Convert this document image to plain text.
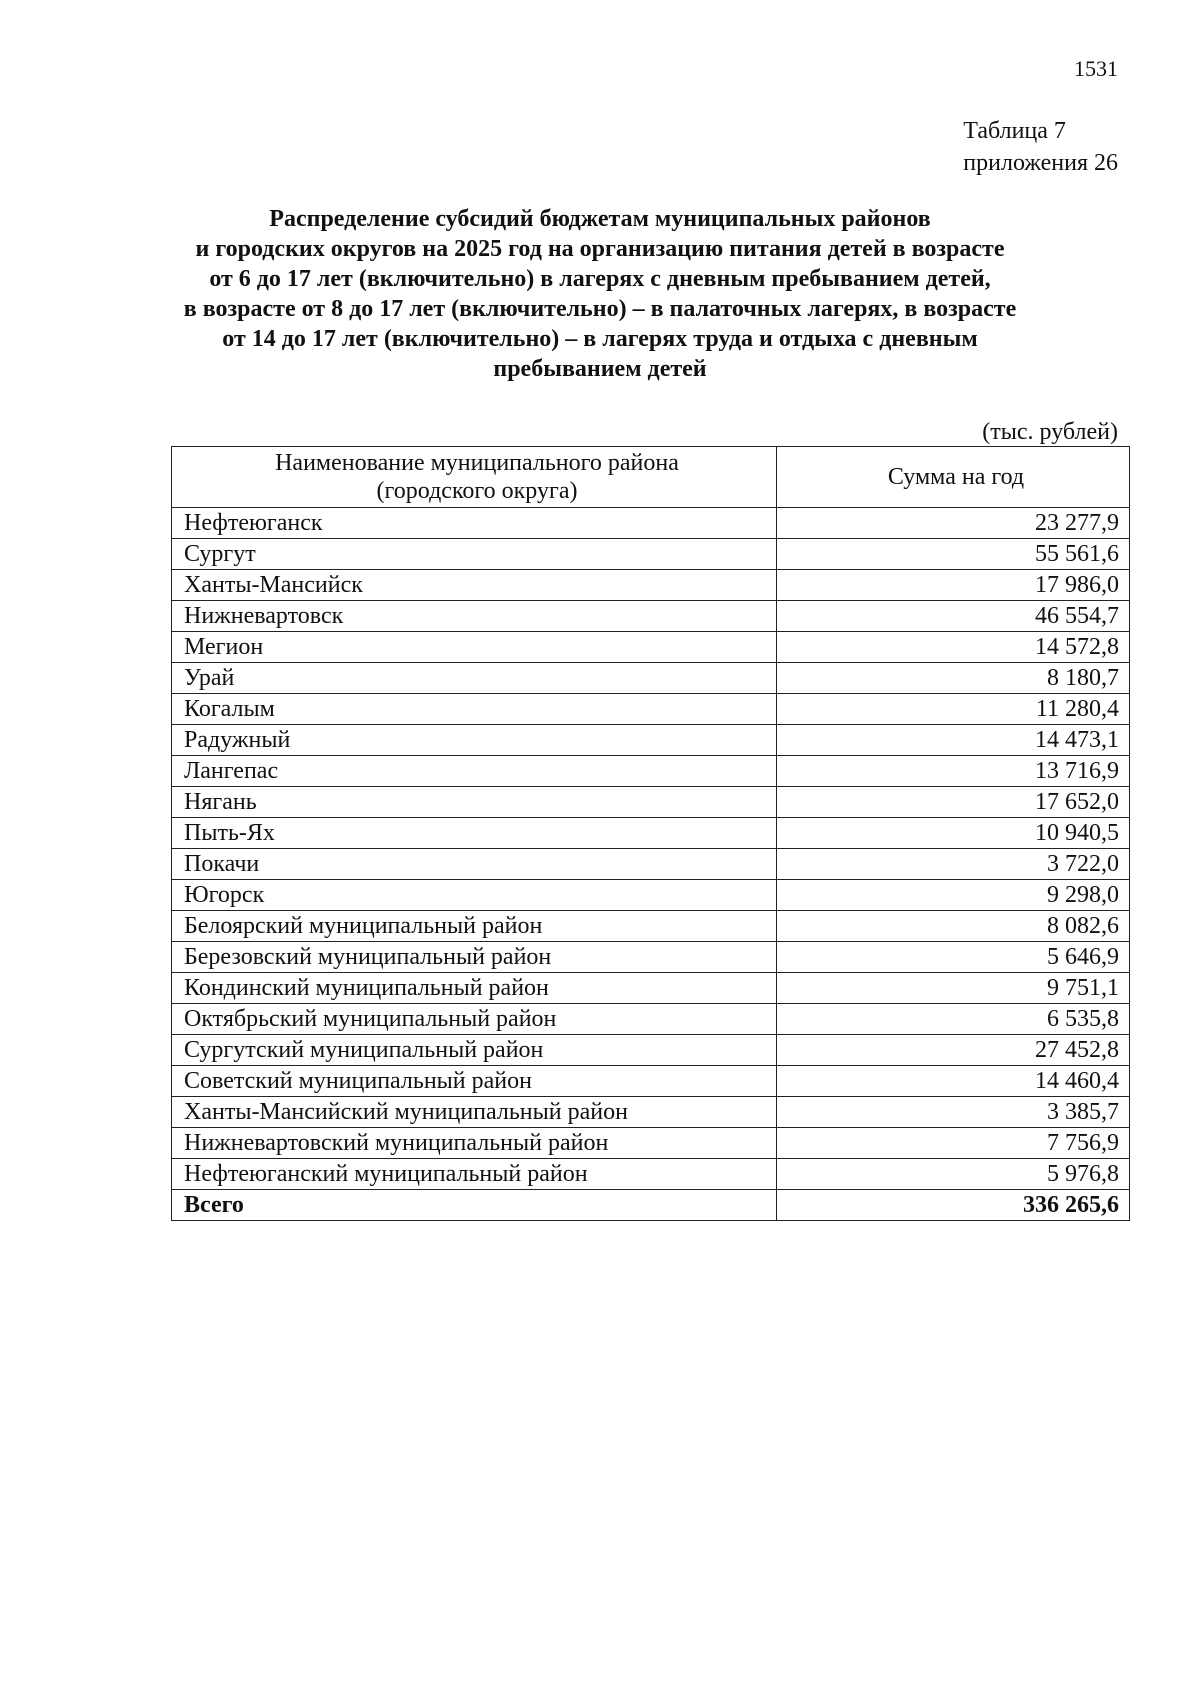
1531
Таблица 7
приложения 26
Распределение субсидий бюджетам муниципальных районов
и городских округов на 2025 год на организацию питания детей в возрасте
от 6 до 17 лет (включительно) в лагерях с дневным пребыванием детей,
в возрасте от 8 до 17 лет (включительно) – в палаточных лагерях, в возрасте
от 14 до 17 лет (включительно) – в лагерях труда и отдыха с дневным
пребыванием детей
(тыс. рублей)
Наименование муниципального района
(городского округа)	Сумма на год
Нефтеюганск	23 277,9
Сургут	55 561,6
Ханты-Мансийск	17 986,0
Нижневартовск	46 554,7
Мегион	14 572,8
Урай	8 180,7
Когалым	11 280,4
Радужный	14 473,1
Лангепас	13 716,9
Нягань	17 652,0
Пыть-Ях	10 940,5
Покачи	3 722,0
Югорск	9 298,0
Белоярский муниципальный район	8 082,6
Березовский муниципальный район	5 646,9
Кондинский муниципальный район	9 751,1
Октябрьский муниципальный район	6 535,8
Сургутский муниципальный район	27 452,8
Советский муниципальный район	14 460,4
Ханты-Мансийский муниципальный район	3 385,7
Нижневартовский муниципальный район	7 756,9
Нефтеюганский муниципальный район	5 976,8
Всего	336 265,6
